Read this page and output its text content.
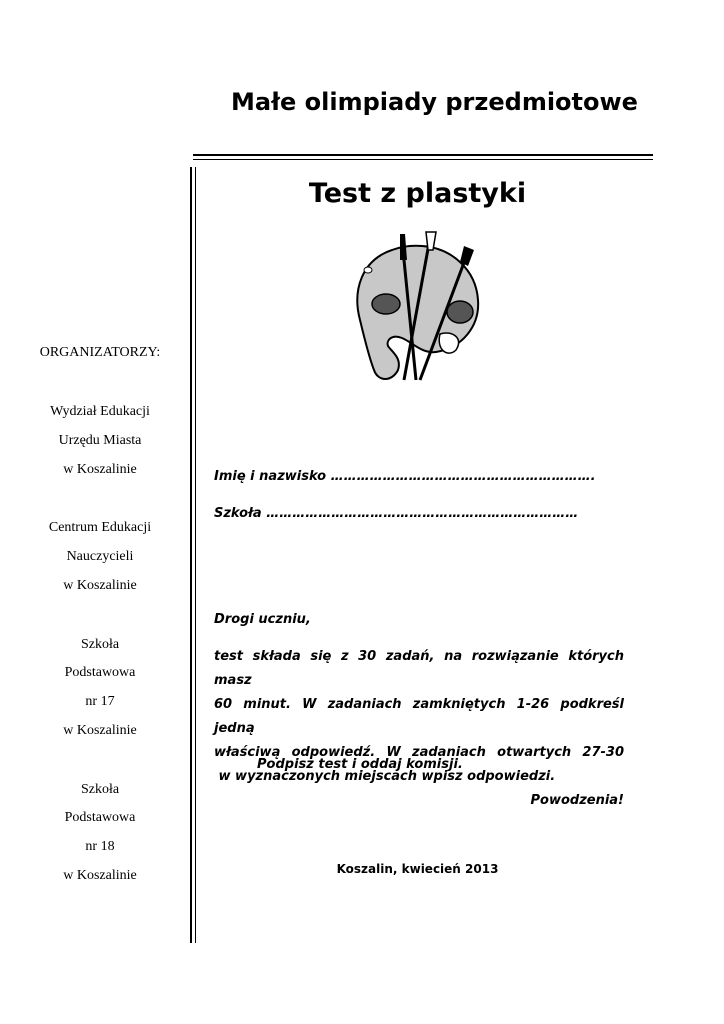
Małe olimpiady przedmiotowe
Test z plastyki
ORGANIZATORZY:
Wydział Edukacji
Urzędu Miasta
w Koszalinie
Centrum Edukacji
Nauczycieli
w Koszalinie
Szkoła
Podstawowa
nr 17
w Koszalinie
Szkoła
Podstawowa
nr 18
w Koszalinie
Imię i nazwisko …………………………………………………….
Szkoła ………………………………………………………………
Drogi uczniu,
test składa się z 30 zadań, na rozwiązanie których masz
60 minut. W zadaniach zamkniętych 1-26 podkreśl jedną
właściwą odpowiedź. W zadaniach otwartych 27-30
w wyznaczonych miejscach wpisz odpowiedzi.
Podpisz test i oddaj komisji.
Powodzenia!
Koszalin, kwiecień 2013
